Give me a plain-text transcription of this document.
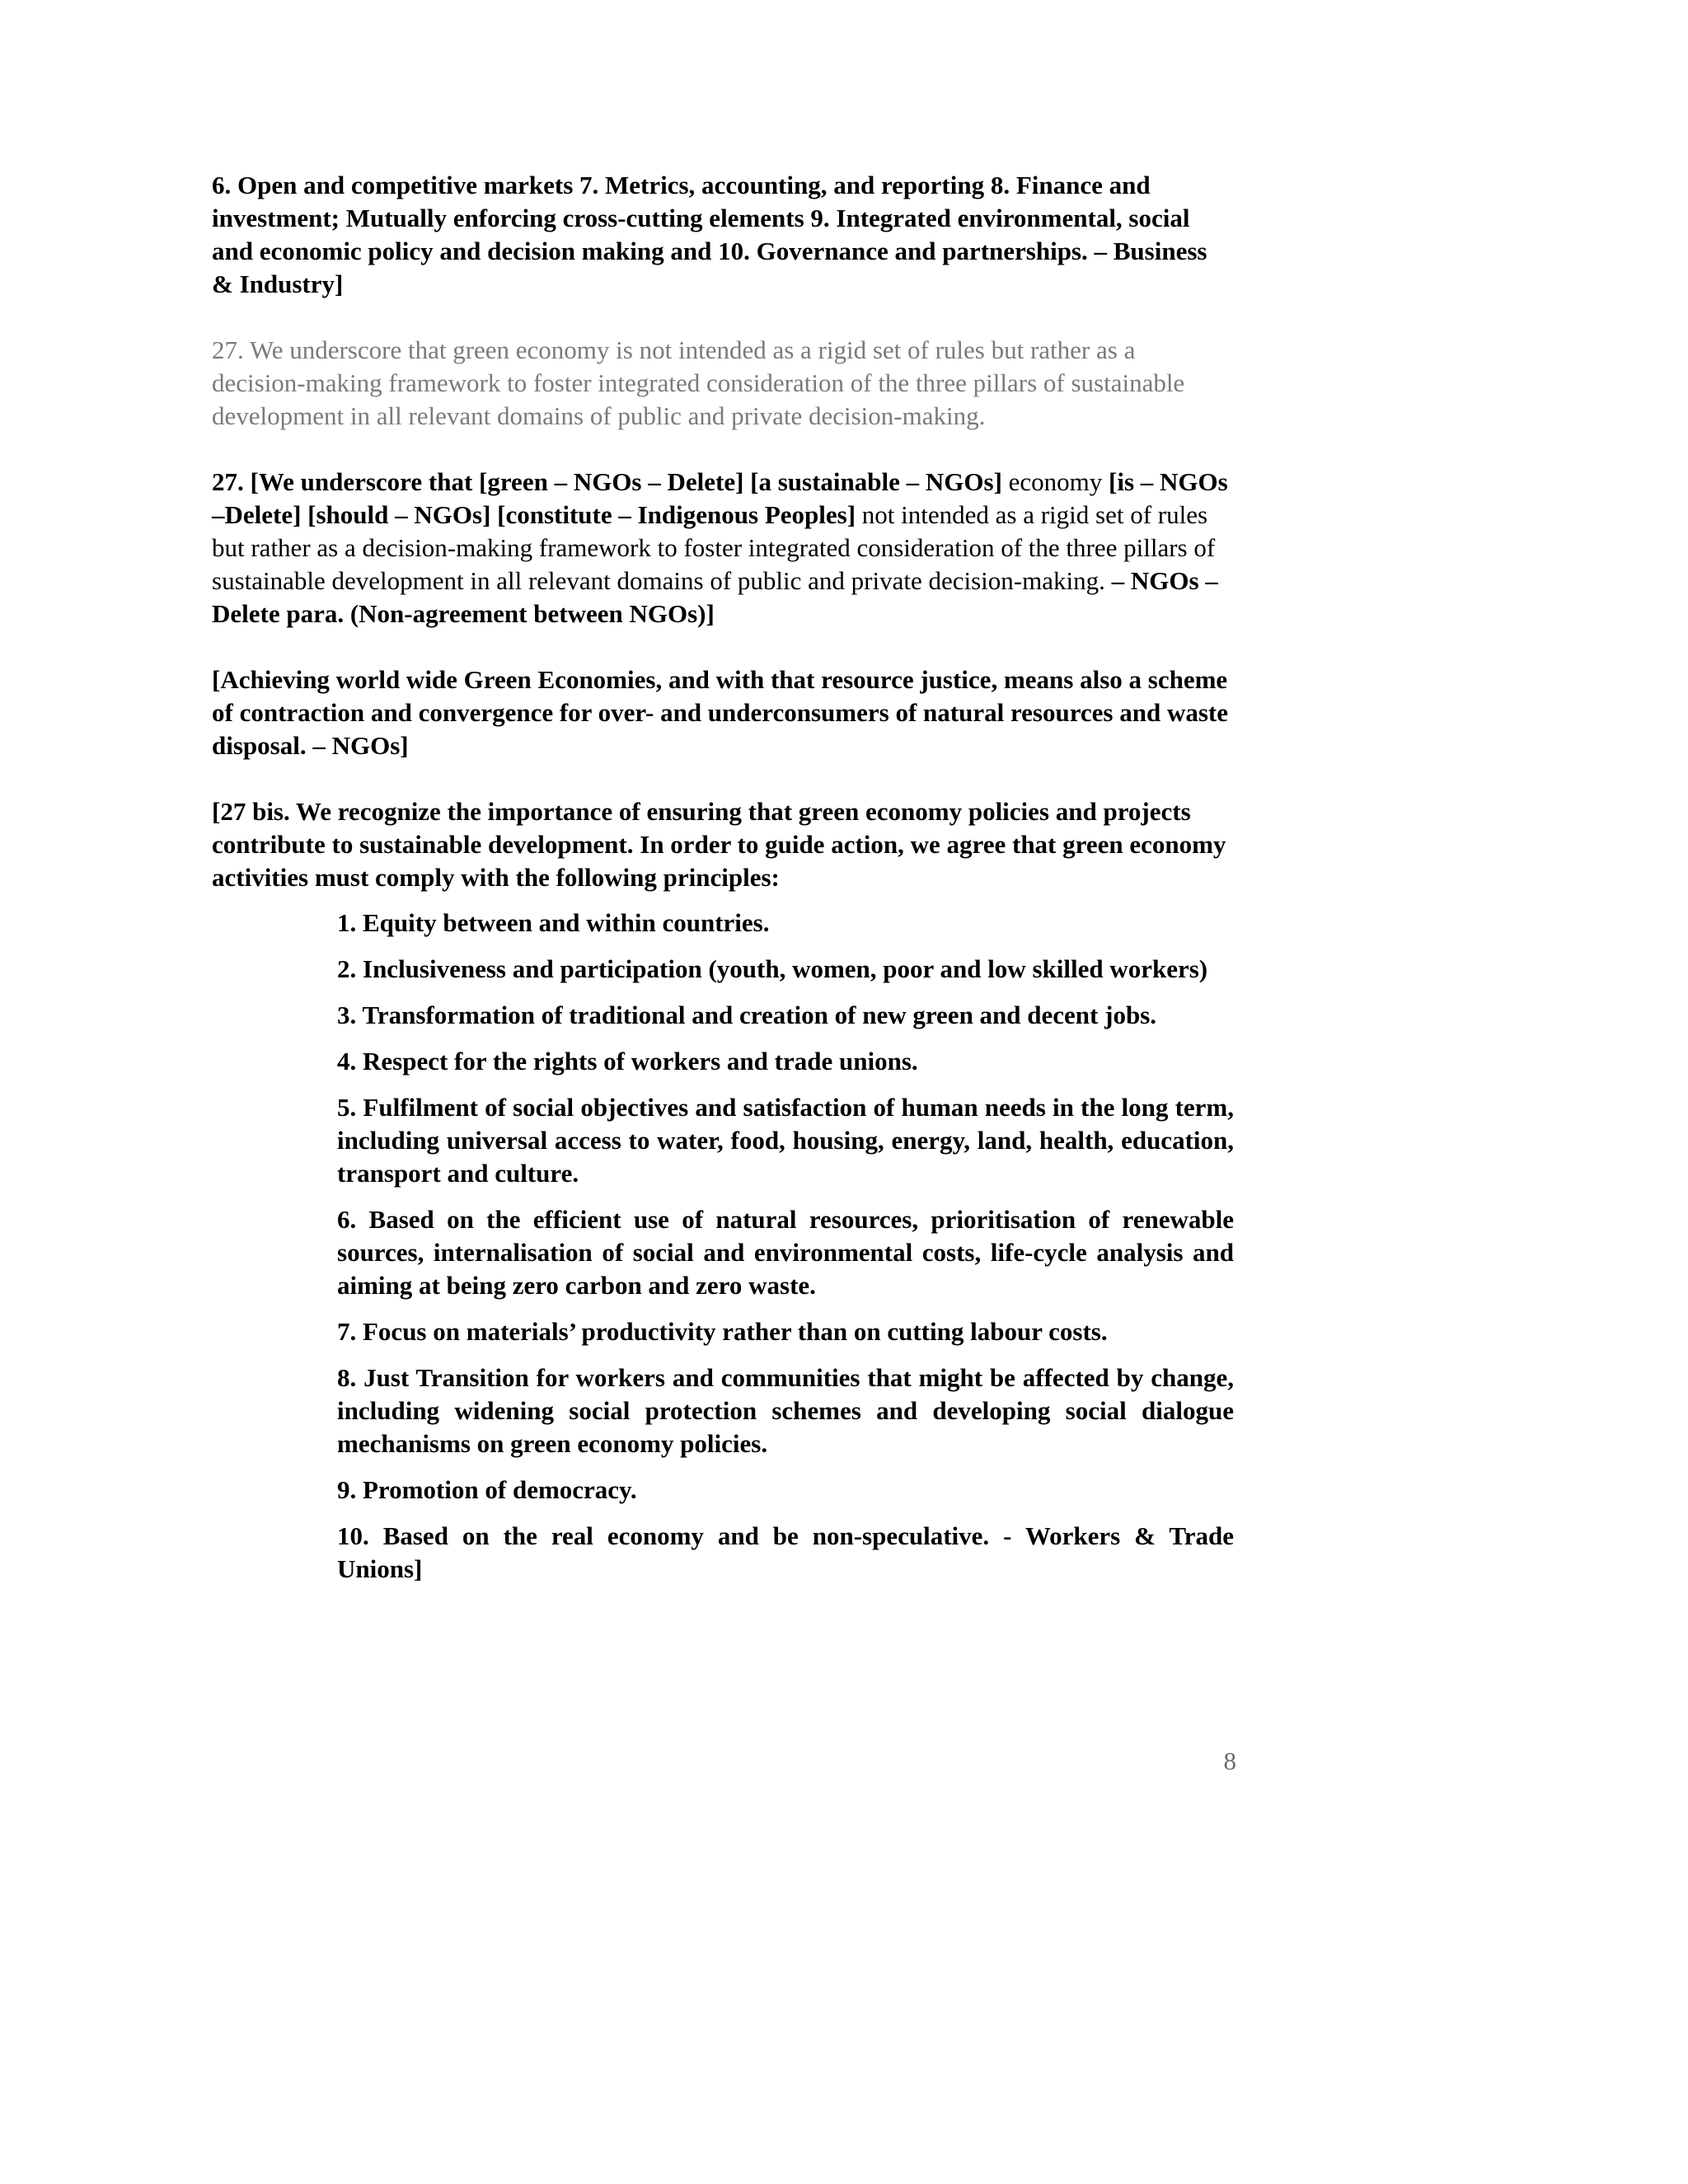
6. Open and competitive markets 7. Metrics, accounting, and reporting 8. Finance and investment; Mutually enforcing cross-cutting elements 9. Integrated environmental, social and economic policy and decision making and 10. Governance and partnerships. – Business & Industry]

27. We underscore that green economy is not intended as a rigid set of rules but rather as a decision-making framework to foster integrated consideration of the three pillars of sustainable development in all relevant domains of public and private decision-making.

27. [We underscore that [green – NGOs – Delete] [a sustainable – NGOs] economy [is – NGOs –Delete] [should – NGOs] [constitute – Indigenous Peoples] not intended as a rigid set of rules but rather as a decision-making framework to foster integrated consideration of the three pillars of sustainable development in all relevant domains of public and private decision-making. – NGOs – Delete para. (Non-agreement between NGOs)]

[Achieving world wide Green Economies, and with that resource justice, means also a scheme of contraction and convergence for over- and underconsumers of natural resources and waste disposal. – NGOs]

[27 bis. We recognize the importance of ensuring that green economy policies and projects contribute to sustainable development. In order to guide action, we agree that green economy activities must comply with the following principles:

1. Equity between and within countries.

2. Inclusiveness and participation (youth, women, poor and low skilled workers)

3. Transformation of traditional and creation of new green and decent jobs.

4. Respect for the rights of workers and trade unions.

5. Fulfilment of social objectives and satisfaction of human needs in the long term, including universal access to water, food, housing, energy, land, health, education, transport and culture.

6. Based on the efficient use of natural resources, prioritisation of renewable sources, internalisation of social and environmental costs, life-cycle analysis and aiming at being zero carbon and zero waste.

7. Focus on materials’ productivity rather than on cutting labour costs.

8. Just Transition for workers and communities that might be affected by change, including widening social protection schemes and developing social dialogue mechanisms on green economy policies.

9. Promotion of democracy.

10. Based on the real economy and be non-speculative. - Workers & Trade Unions]

8
